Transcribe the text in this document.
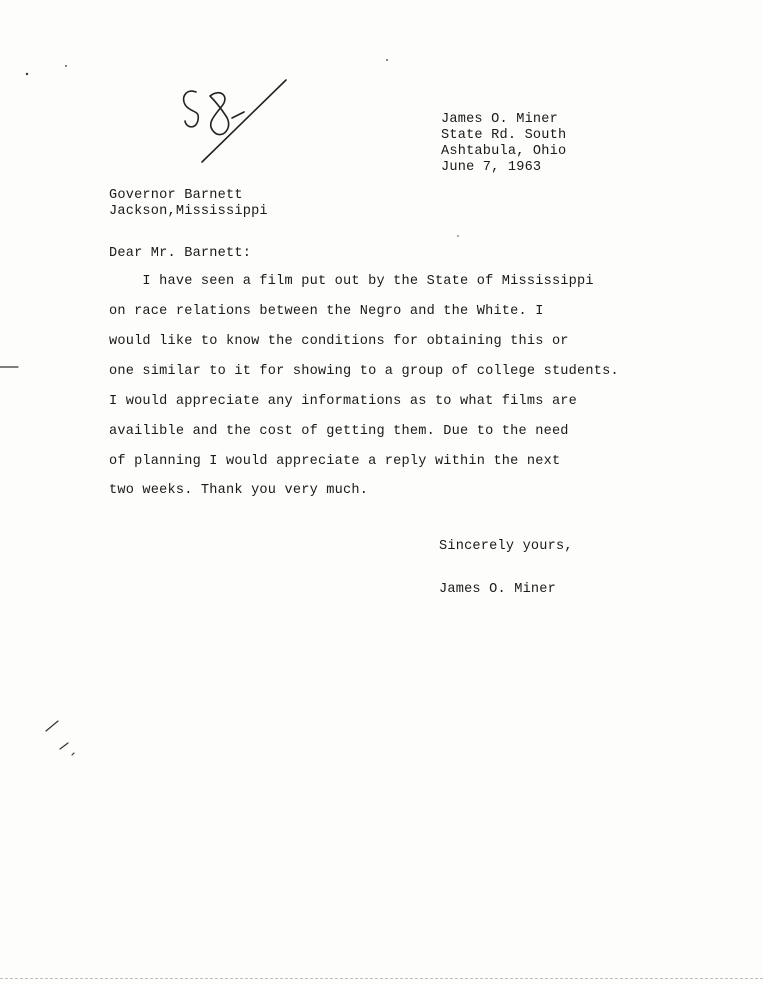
James O. Miner
State Rd. South
Ashtabula, Ohio
June 7, 1963
Governor Barnett
Jackson,Mississippi
Dear Mr. Barnett:
I have seen a film put out by the State of Mississippi
on race relations between the Negro and the White. I
would like to know the conditions for obtaining this or
one similar to it for showing to a group of college students.
I would appreciate any informations as to what films are
availible and the cost of getting them. Due to the need
of planning I would appreciate a reply within the next
two weeks. Thank you very much.
Sincerely yours,
James O. Miner
